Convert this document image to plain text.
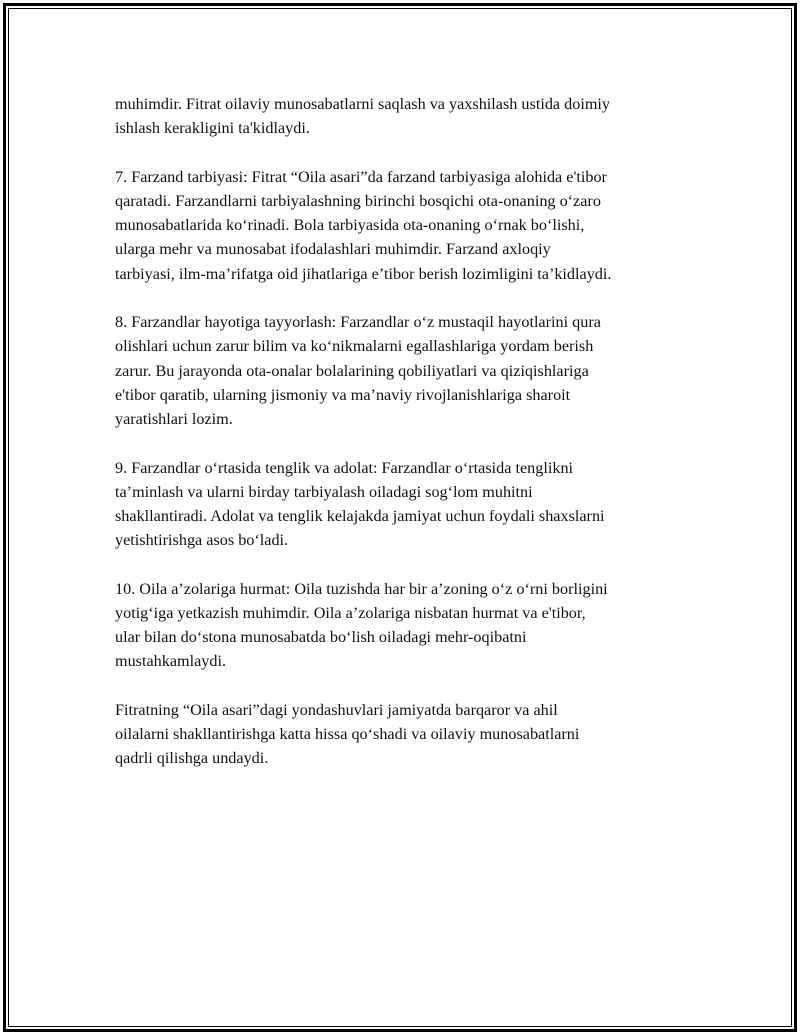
muhimdir. Fitrat oilaviy munosabatlarni saqlash va yaxshilash ustida doimiy
ishlash kerakligini ta'kidlaydi.

7. Farzand tarbiyasi: Fitrat “Oila asari”da farzand tarbiyasiga alohida e'tibor
qaratadi. Farzandlarni tarbiyalashning birinchi bosqichi ota-onaning o‘zaro
munosabatlarida ko‘rinadi. Bola tarbiyasida ota-onaning o‘rnak bo‘lishi,
ularga mehr va munosabat ifodalashlari muhimdir. Farzand axloqiy
tarbiyasi, ilm-ma’rifatga oid jihatlariga e’tibor berish lozimligini ta’kidlaydi.

8. Farzandlar hayotiga tayyorlash: Farzandlar o‘z mustaqil hayotlarini qura
olishlari uchun zarur bilim va ko‘nikmalarni egallashlariga yordam berish
zarur. Bu jarayonda ota-onalar bolalarining qobiliyatlari va qiziqishlariga
e'tibor qaratib, ularning jismoniy va ma’naviy rivojlanishlariga sharoit
yaratishlari lozim.

9. Farzandlar o‘rtasida tenglik va adolat: Farzandlar o‘rtasida tenglikni
ta’minlash va ularni birday tarbiyalash oiladagi sog‘lom muhitni
shakllantiradi. Adolat va tenglik kelajakda jamiyat uchun foydali shaxslarni
yetishtirishga asos bo‘ladi.

10. Oila a’zolariga hurmat: Oila tuzishda har bir a’zoning o‘z o‘rni borligini
yotig‘iga yetkazish muhimdir. Oila a’zolariga nisbatan hurmat va e'tibor,
ular bilan do‘stona munosabatda bo‘lish oiladagi mehr-oqibatni
mustahkamlaydi.

Fitratning “Oila asari”dagi yondashuvlari jamiyatda barqaror va ahil
oilalarni shakllantirishga katta hissa qo‘shadi va oilaviy munosabatlarni
qadrli qilishga undaydi.
